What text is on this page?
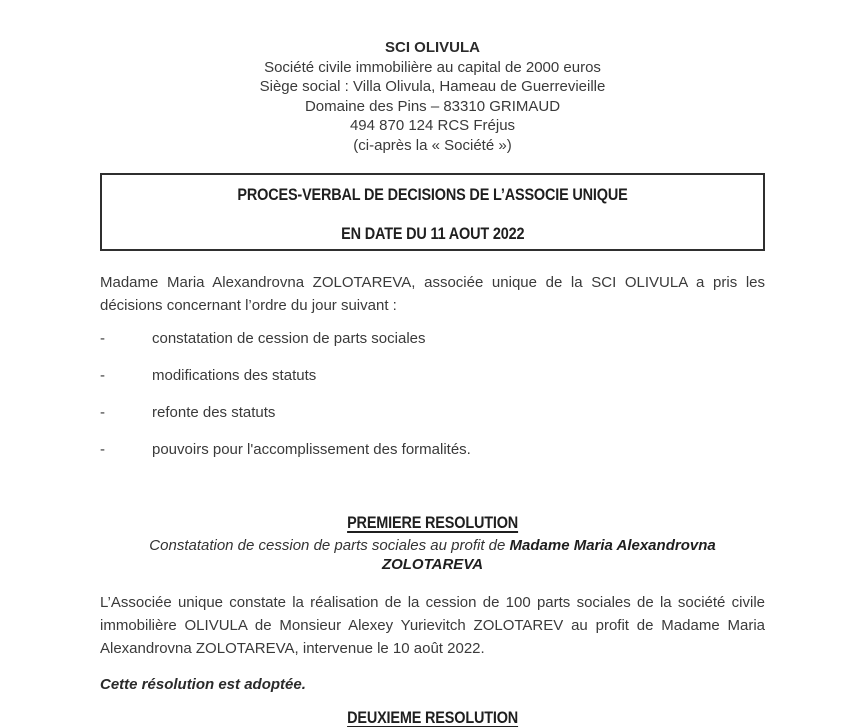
SCI OLIVULA
Société civile immobilière au capital de 2000 euros
Siège social : Villa Olivula, Hameau de Guerrevieille
Domaine des Pins – 83310 GRIMAUD
494 870 124 RCS Fréjus
(ci-après la « Société »)
PROCES-VERBAL DE DECISIONS DE L’ASSOCIE UNIQUE
EN DATE DU 11 AOUT 2022

Madame Maria Alexandrovna ZOLOTAREVA, associée unique de la SCI OLIVULA a pris les décisions concernant l’ordre du jour suivant :

-	constatation de cession de parts sociales
-	modifications des statuts
-	refonte des statuts
-	pouvoirs pour l'accomplissement des formalités.
PREMIERE RESOLUTION

Constatation de cession de parts sociales au profit de Madame Maria Alexandrovna ZOLOTAREVA

L’Associée unique constate la réalisation de la cession de 100 parts sociales de la société civile immobilière OLIVULA de Monsieur Alexey Yurievitch ZOLOTAREV au profit de Madame Maria Alexandrovna ZOLOTAREVA, intervenue le 10 août 2022.

Cette résolution est adoptée.

DEUXIEME RESOLUTION
